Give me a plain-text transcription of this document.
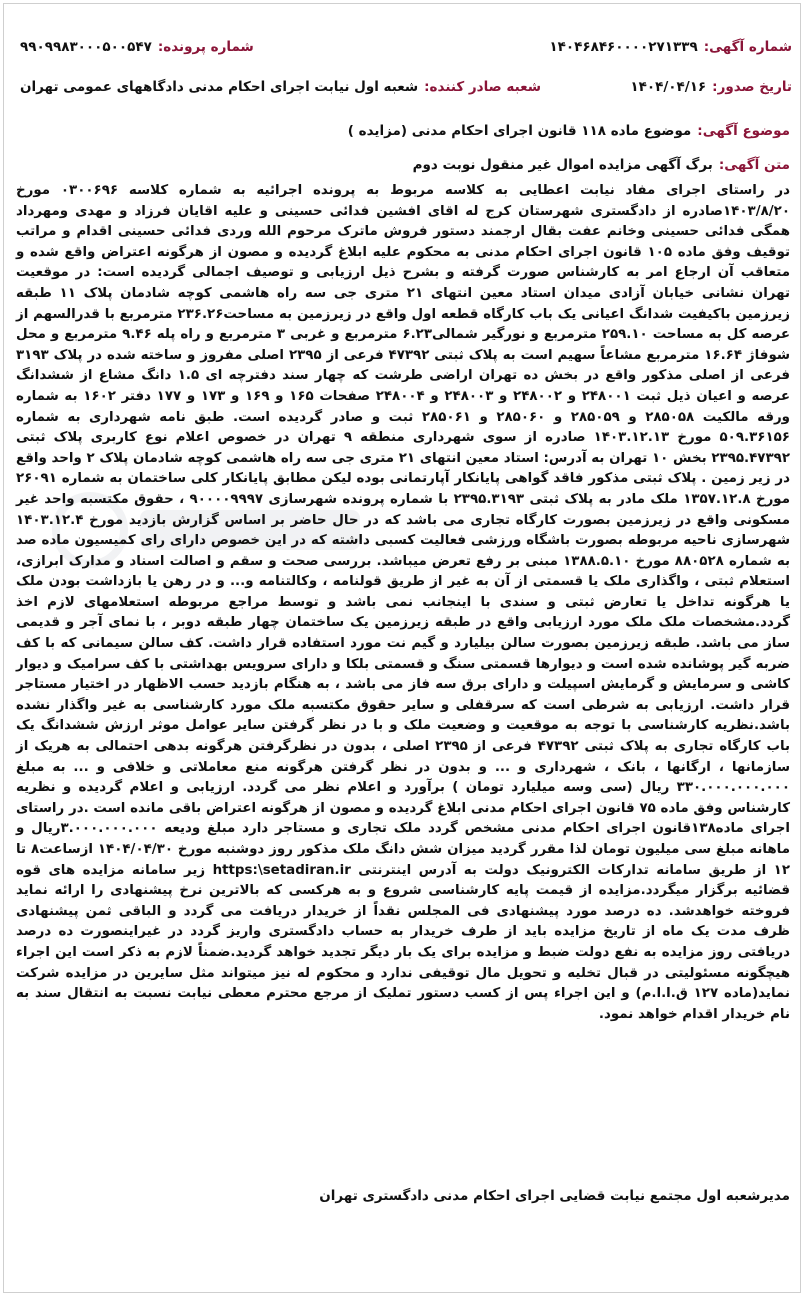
شماره آگهی:
۱۴۰۴۶۸۴۶۰۰۰۰۲۷۱۳۳۹
شماره پرونده:
۹۹۰۹۹۸۳۰۰۰۵۰۰۵۴۷
تاریخ صدور:
۱۴۰۴/۰۴/۱۶
شعبه صادر کننده:
شعبه اول نیابت اجرای احکام مدنی دادگاههای عمومی تهران
موضوع آگهی:
موضوع ماده ۱۱۸ قانون اجرای احکام مدنی (مزایده )
متن آگهی:
برگ آگهی مزایده اموال غیر منقول نوبت دوم
در راستای اجرای مفاد نیابت اعطایی به کلاسه مربوط به پرونده اجرائیه به شماره کلاسه ۰۳۰۰۶۹۶ مورخ ۱۴۰۳/۸/۲۰صادره از دادگستری شهرستان کرج له اقای افشین فدائی حسینی و علیه اقایان فرزاد و مهدی ومهرداد همگی فدائی حسینی وخانم عفت بقال ارجمند دستور فروش ماترک مرحوم الله وردی فدائی حسینی اقدام و مراتب توقیف وفق ماده ۱۰۵ قانون اجرای احکام مدنی به محکوم علیه ابلاغ گردیده و مصون از هرگونه اعتراض واقع شده و متعاقب آن ارجاع امر به کارشناس صورت گرفته و بشرح ذیل ارزیابی و توصیف اجمالی گردیده است: در موقعیت تهران نشانی خیابان آزادی میدان استاد معین انتهای ۲۱ متری جی سه راه هاشمی کوچه شادمان پلاک ۱۱ طبقه زیرزمین باکیفیت شدانگ اعیانی یک باب کارگاه قطعه اول واقع در زیرزمین به مساحت۲۳۶.۲۶ مترمربع با قدرالسهم از عرصه کل به مساحت ۲۵۹.۱۰ مترمربع و نورگیر شمالی۶.۲۳ مترمربع و غربی ۳ مترمربع و راه پله ۹.۴۶ مترمربع و محل شوفاژ ۱۶.۶۴ مترمربع مشاعاً سهیم است به پلاک ثبتی ۴۷۳۹۲ فرعی از ۲۳۹۵ اصلی مفروز و ساخته شده در پلاک ۳۱۹۳ فرعی از اصلی مذکور واقع در بخش ده تهران اراضی طرشت که چهار سند دفترچه ای ۱.۵ دانگ مشاع از ششدانگ عرصه و اعیان ذیل ثبت ۲۴۸۰۰۱ و ۲۴۸۰۰۲ و ۲۴۸۰۰۳ و ۲۴۸۰۰۴ صفحات ۱۶۵ و ۱۶۹ و ۱۷۳ و ۱۷۷ دفتر ۱۶۰۲ به شماره ورقه مالکیت ۲۸۵۰۵۸ و ۲۸۵۰۵۹ و ۲۸۵۰۶۰ و ۲۸۵۰۶۱ ثبت و صادر گردیده است. طبق نامه شهرداری به شماره ۵۰۹.۳۶۱۵۶ مورخ ۱۴۰۳.۱۲.۱۳ صادره از سوی شهرداری منطقه ۹ تهران در خصوص اعلام نوع کاربری پلاک ثبتی ۲۳۹۵.۴۷۳۹۲ بخش ۱۰ تهران به آدرس: استاد معین انتهای ۲۱ متری جی سه راه هاشمی کوچه شادمان پلاک ۲ واحد واقع در زیر زمین . پلاک ثبتی مذکور فاقد گواهی پایانکار آپارتمانی بوده لیکن مطابق پایانکار کلی ساختمان به شماره ۲۶۰۹۱ مورخ ۱۳۵۷.۱۲.۸ ملک مادر به پلاک ثبتی ۲۳۹۵.۳۱۹۳ با شماره پرونده شهرسازی ۹۰۰۰۰۹۹۹۷ ، حقوق مکتسبه واحد غیر مسکونی واقع در زیرزمین بصورت کارگاه تجاری می باشد که در حال حاضر بر اساس گزارش بازدید مورخ ۱۴۰۳.۱۲.۴ شهرسازی ناحیه مربوطه بصورت باشگاه ورزشی فعالیت کسبی داشته که در این خصوص دارای رای کمیسیون ماده صد به شماره ۸۸۰۵۲۸ مورخ ۱۳۸۸.۵.۱۰ مبنی بر رفع تعرض میباشد. بررسی صحت و سقم و اصالت اسناد و مدارک ابرازی، استعلام ثبتی ، واگذاری ملک یا قسمتی از آن به غیر از طریق قولنامه ، وکالتنامه و... و در رهن یا بازداشت بودن ملک یا هرگونه تداخل یا تعارض ثبتی و سندی با اینجانب نمی باشد و توسط مراجع مربوطه استعلامهای لازم اخذ گردد.مشخصات ملک ملک مورد ارزیابی واقع در طبقه زیرزمین یک ساختمان چهار طبقه دوبر ، با نمای آجر و قدیمی ساز می باشد. طبقه زیرزمین بصورت سالن بیلیارد و گیم نت مورد استفاده قرار داشت. کف سالن سیمانی که با کف ضربه گیر پوشانده شده است و دیوارها قسمتی سنگ و قسمتی بلکا و دارای سرویس بهداشتی با کف سرامیک و دیوار کاشی و سرمایش و گرمایش اسپیلت و دارای برق سه فاز می باشد ، به هنگام بازدید حسب الاظهار در اختیار مستاجر قرار داشت. ارزیابی به شرطی است که سرقفلی و سایر حقوق مکتسبه ملک مورد کارشناسی به غیر واگذار نشده باشد.نظریه کارشناسی با توجه به موقعیت و وضعیت ملک و با در نظر گرفتن سایر عوامل موثر ارزش ششدانگ یک باب کارگاه تجاری به پلاک ثبتی ۴۷۳۹۲ فرعی از ۲۳۹۵ اصلی ، بدون در نظرگرفتن هرگونه بدهی احتمالی به هریک از سازمانها ، ارگانها ، بانک ، شهرداری و ... و بدون در نظر گرفتن هرگونه منع معاملاتی و خلافی و ... به مبلغ ۳۳۰.۰۰۰.۰۰۰.۰۰۰ ریال (سی وسه میلیارد تومان ) برآورد و اعلام نظر می گردد. ارزیابی و اعلام گردیده و نظریه کارشناس وفق ماده ۷۵ قانون اجرای احکام مدنی ابلاغ گردیده و مصون از هرگونه اعتراض باقی مانده است .در راستای اجرای ماده۱۳۸قانون اجرای احکام مدنی مشخص گردد ملک تجاری و مستاجر دارد مبلغ ودیعه ۳.۰۰۰.۰۰۰.۰۰۰ریال و ماهانه مبلغ سی میلیون تومان لذا مقرر گردید میزان شش دانگ ملک مذکور روز دوشنبه مورخ ۱۴۰۴/۰۴/۳۰ ازساعت۸ تا ۱۲ از طریق سامانه تدارکات الکترونیک دولت به آدرس اینترنتی https:\setadiran.ir زیر سامانه مزایده های قوه قضائیه برگزار میگردد.مزایده از قیمت پایه کارشناسی شروع و به هرکسی که بالاترین نرخ پیشنهادی را ارائه نماید فروخته خواهدشد. ده درصد مورد پیشنهادی فی المجلس نقداً از خریدار دریافت می گردد و الباقی ثمن پیشنهادی ظرف مدت یک ماه از تاریخ مزایده باید از طرف خریدار به حساب دادگستری واریز گردد در غیراینصورت ده درصد دریافتی روز مزایده به نفع دولت ضبط و مزایده برای یک بار دیگر تجدید خواهد گردید.ضمناً لازم به ذکر است این اجراء هیچگونه مسئولیتی در قبال تخلیه و تحویل مال توقیفی ندارد و محکوم له نیز میتواند مثل سایرین در مزایده شرکت نماید(ماده ۱۲۷ ق.ا.ا.م) و این اجراء پس از کسب دستور تملیک از مرجع محترم معطی نیابت نسبت به انتقال سند به نام خریدار اقدام خواهد نمود.
مدیرشعبه اول مجتمع نیابت قضایی اجرای احکام مدنی دادگستری تهران
